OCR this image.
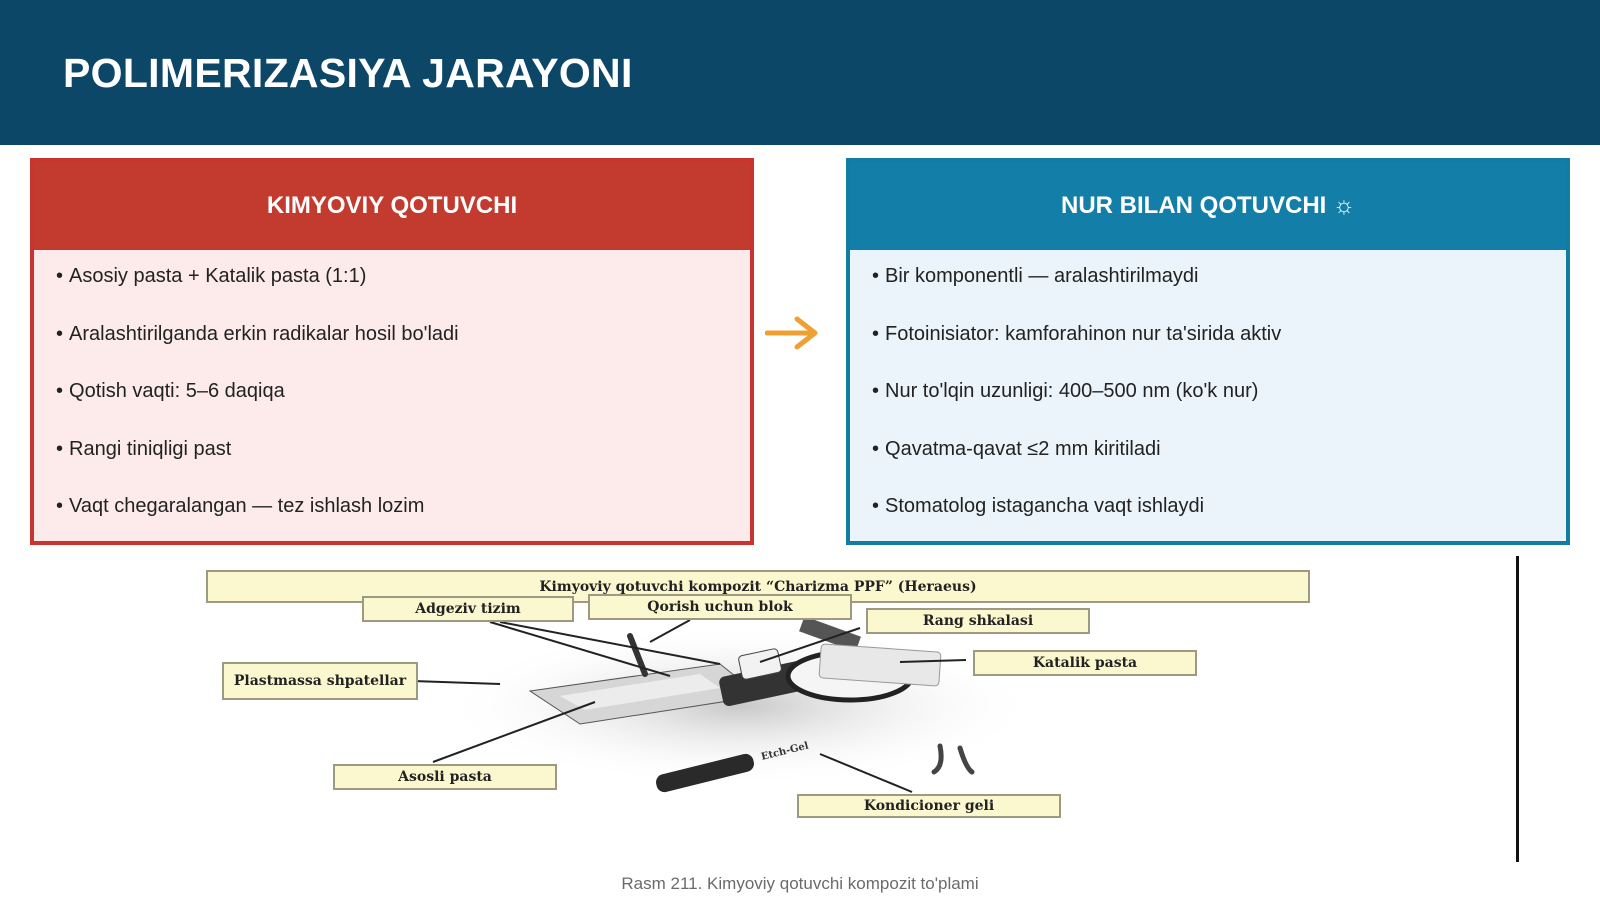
POLIMERIZASIYA JARAYONI
KIMYOVIY QOTUVCHI
• Asosiy pasta + Katalik pasta (1:1)
• Aralashtirilganda erkin radikalar hosil bo'ladi
• Qotish vaqti: 5–6 daqiqa
• Rangi tiniqligi past
• Vaqt chegaralangan — tez ishlash lozim
NUR BILAN QOTUVCHI ☼
• Bir komponentli — aralashtirilmaydi
• Fotoinisiator: kamforahinon nur ta'sirida aktiv
• Nur to'lqin uzunligi: 400–500 nm (ko'k nur)
• Qavatma-qavat ≤2 mm kiritiladi
• Stomatolog istagancha vaqt ishlaydi
Etch-Gel
Kimyoviy qotuvchi kompozit “Charizma PPF” (Heraeus)
Adgeziv tizim	Qorish uchun blok
Rang shkalasi
Katalik pasta
Plastmassa shpatellar
Asosli pasta
Kondicioner geli
Rasm 211. Kimyoviy qotuvchi kompozit to'plami
